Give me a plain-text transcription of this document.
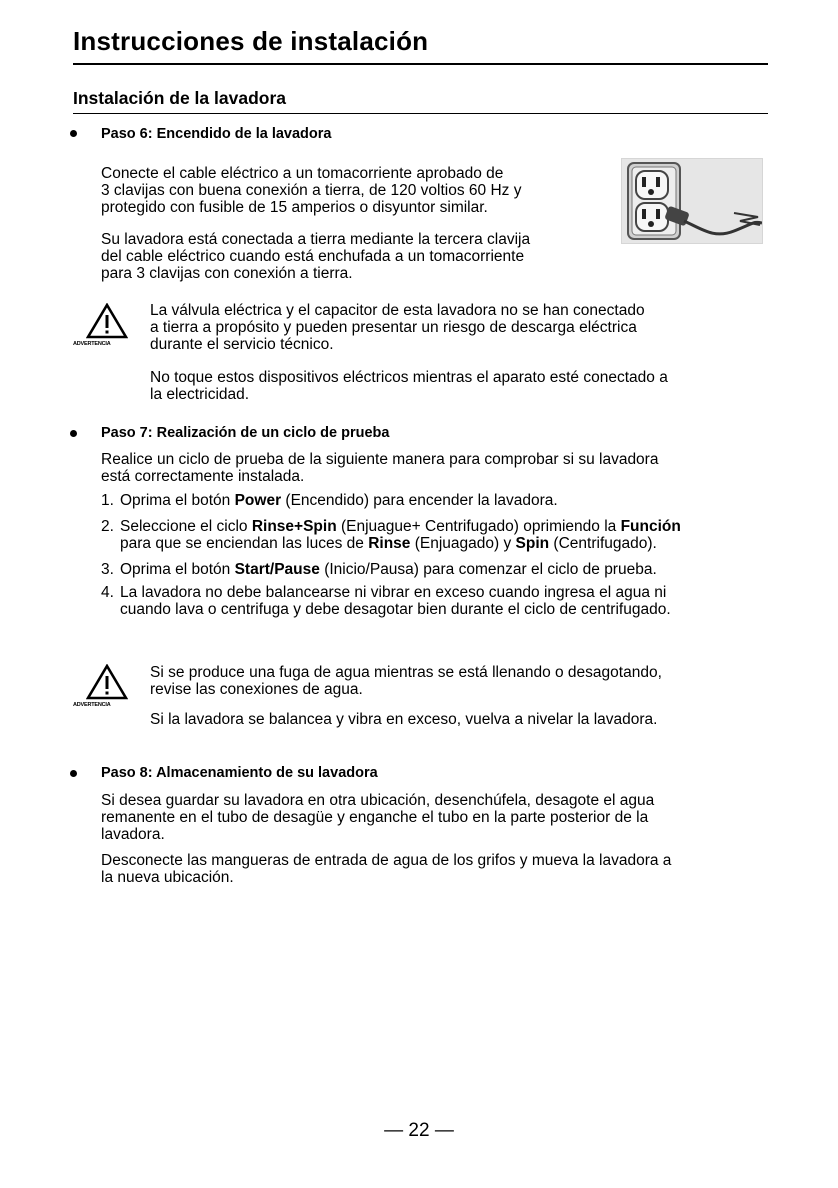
Instrucciones de instalación
Instalación de la lavadora
Paso 6: Encendido de la lavadora
Conecte el cable eléctrico a un tomacorriente aprobado de
3 clavijas con buena conexión a tierra, de 120 voltios 60 Hz y
protegido con fusible de 15 amperios o disyuntor similar.
Su lavadora está conectada a tierra mediante la tercera clavija
del cable eléctrico cuando está enchufada a un tomacorriente
para 3 clavijas con conexión a tierra.
ADVERTENCIA
La válvula eléctrica y el capacitor de esta lavadora no se han conectado
a tierra a propósito y pueden presentar un riesgo de descarga eléctrica
durante el servicio técnico.
No toque estos dispositivos eléctricos mientras el aparato esté conectado a
la electricidad.
Paso 7: Realización de un ciclo de prueba
Realice un ciclo de prueba de la siguiente manera para comprobar si su lavadora
está correctamente instalada.
1. Oprima el botón Power (Encendido) para encender la lavadora.
2. Seleccione el ciclo Rinse+Spin (Enjuague+ Centrifugado) oprimiendo la Función
para que se enciendan las luces de Rinse (Enjuagado) y Spin (Centrifugado).
3. Oprima el botón Start/Pause (Inicio/Pausa) para comenzar el ciclo de prueba.
4. La lavadora no debe balancearse ni vibrar en exceso cuando ingresa el agua ni
cuando lava o centrifuga y debe desagotar bien durante el ciclo de centrifugado.
ADVERTENCIA
Si se produce una fuga de agua mientras se está llenando o desagotando,
revise las conexiones de agua.
Si la lavadora se balancea y vibra en exceso, vuelva a nivelar la lavadora.
Paso 8: Almacenamiento de su lavadora
Si desea guardar su lavadora en otra ubicación, desenchúfela, desagote el agua
remanente en el tubo de desagüe y enganche el tubo en la parte posterior de la
lavadora.
Desconecte las mangueras de entrada de agua de los grifos y mueva la lavadora a
la nueva ubicación.
— 22 —
